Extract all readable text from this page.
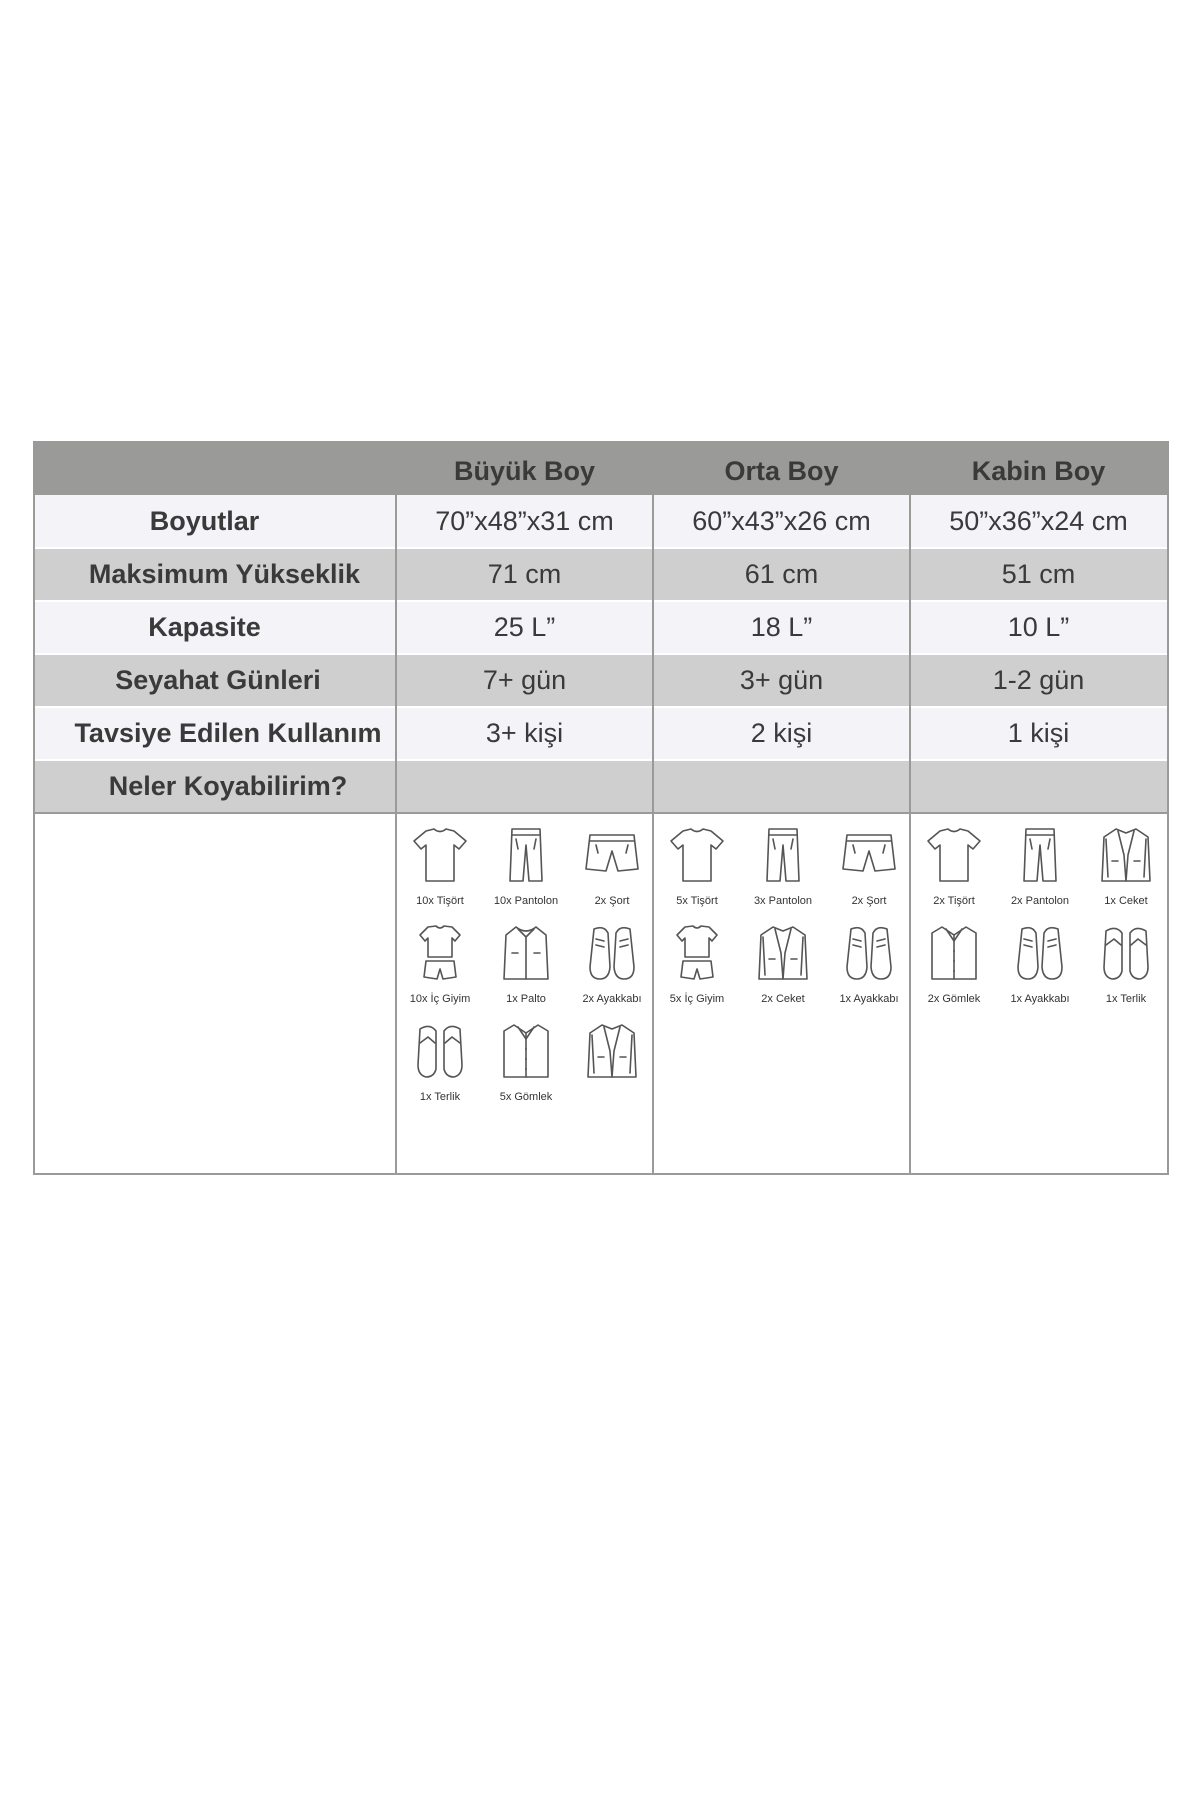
Büyük Boy	Orta Boy	Kabin Boy
Boyutlar	70”x48”x31 cm	60”x43”x26 cm	50”x36”x24 cm
Maksimum Yükseklik	71 cm	61 cm	51 cm
Kapasite	25 L”	18 L”	10 L”
Seyahat Günleri	7+ gün	3+ gün	1-2 gün
Tavsiye Edilen Kullanım	3+ kişi	2 kişi	1 kişi
Neler Koyabilirim?
10x Tişört	10x Pantolon	2x Şort
10x İç Giyim	1x Palto	2x Ayakkabı
1x Terlik	5x Gömlek
5x Tişört	3x Pantolon	2x Şort
5x İç Giyim	2x Ceket	1x Ayakkabı
2x Tişört	2x Pantolon	1x Ceket
2x Gömlek	1x Ayakkabı	1x Terlik
